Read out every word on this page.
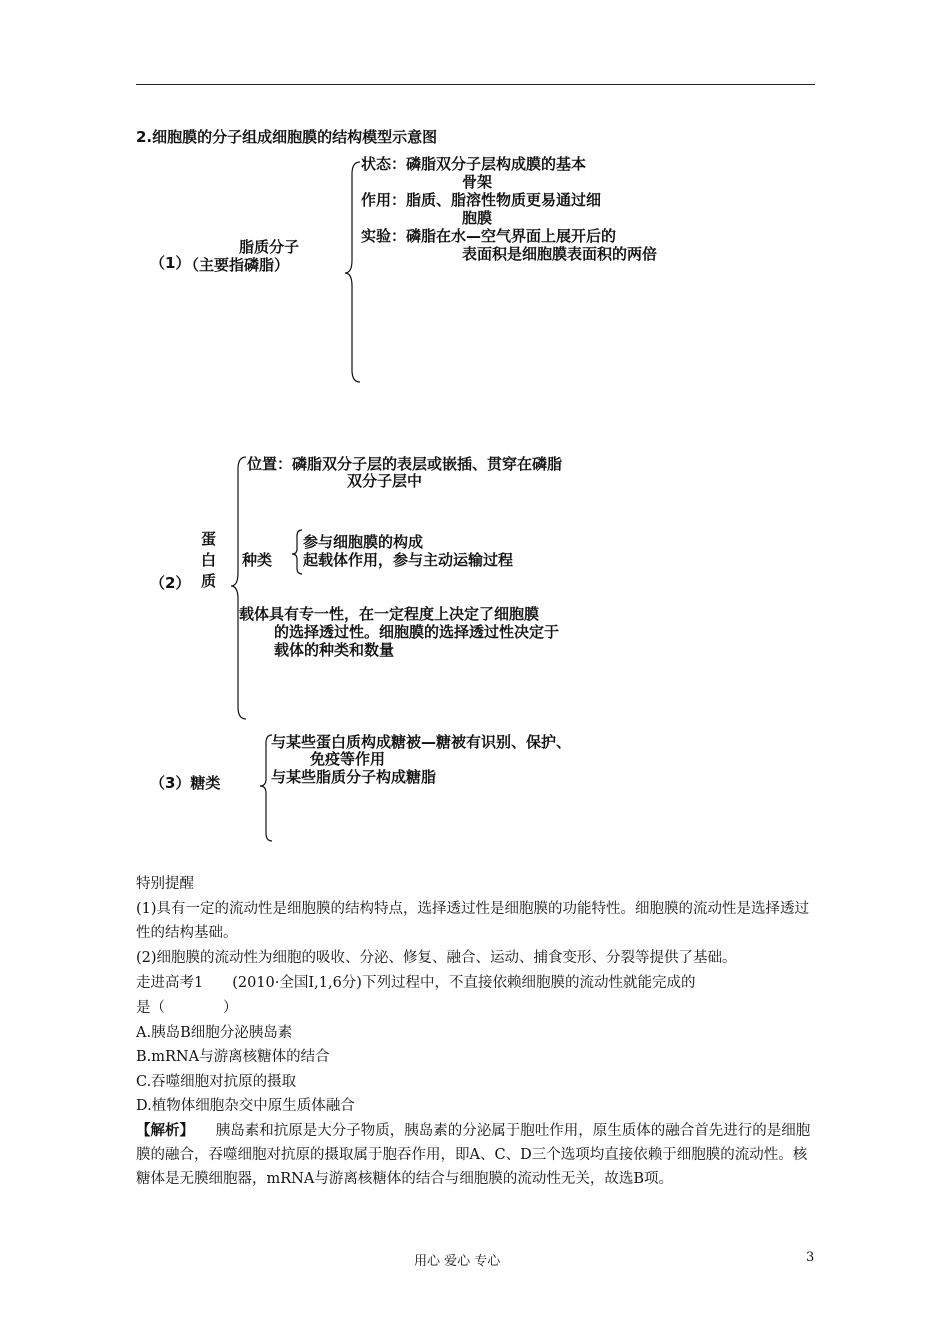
2.细胞膜的分子组成细胞膜的结构模型示意图
（1）
脂质分子
（主要指磷脂）
状态：磷脂双分子层构成膜的基本
骨架
作用：脂质、脂溶性物质更易通过细
胞膜
实验：磷脂在水—空气界面上展开后的
表面积是细胞膜表面积的两倍
（2）
蛋
白
质
位置：磷脂双分子层的表层或嵌插、贯穿在磷脂
双分子层中
种类
参与细胞膜的构成
起载体作用，参与主动运输过程
载体具有专一性，在一定程度上决定了细胞膜
的选择透过性。细胞膜的选择透过性决定于
载体的种类和数量
（3）糖类
与某些蛋白质构成糖被—糖被有识别、保护、
免疫等作用
与某些脂质分子构成糖脂
特别提醒
(1)具有一定的流动性是细胞膜的结构特点，选择透过性是细胞膜的功能特性。细胞膜的流动性是选择透过性的结构基础。
(2)细胞膜的流动性为细胞的吸收、分泌、修复、融合、运动、捕食变形、分裂等提供了基础。
走进高考1　　(2010·全国Ⅰ,1,6分)下列过程中，不直接依赖细胞膜的流动性就能完成的
是（　　　　）
A.胰岛B细胞分泌胰岛素
B.mRNA与游离核糖体的结合
C.吞噬细胞对抗原的摄取
D.植物体细胞杂交中原生质体融合
【解析】　　胰岛素和抗原是大分子物质，胰岛素的分泌属于胞吐作用，原生质体的融合首先进行的是细胞膜的融合，吞噬细胞对抗原的摄取属于胞吞作用，即A、C、D三个选项均直接依赖于细胞膜的流动性。核糖体是无膜细胞器，mRNA与游离核糖体的结合与细胞膜的流动性无关，故选B项。
用心 爱心 专心	3
